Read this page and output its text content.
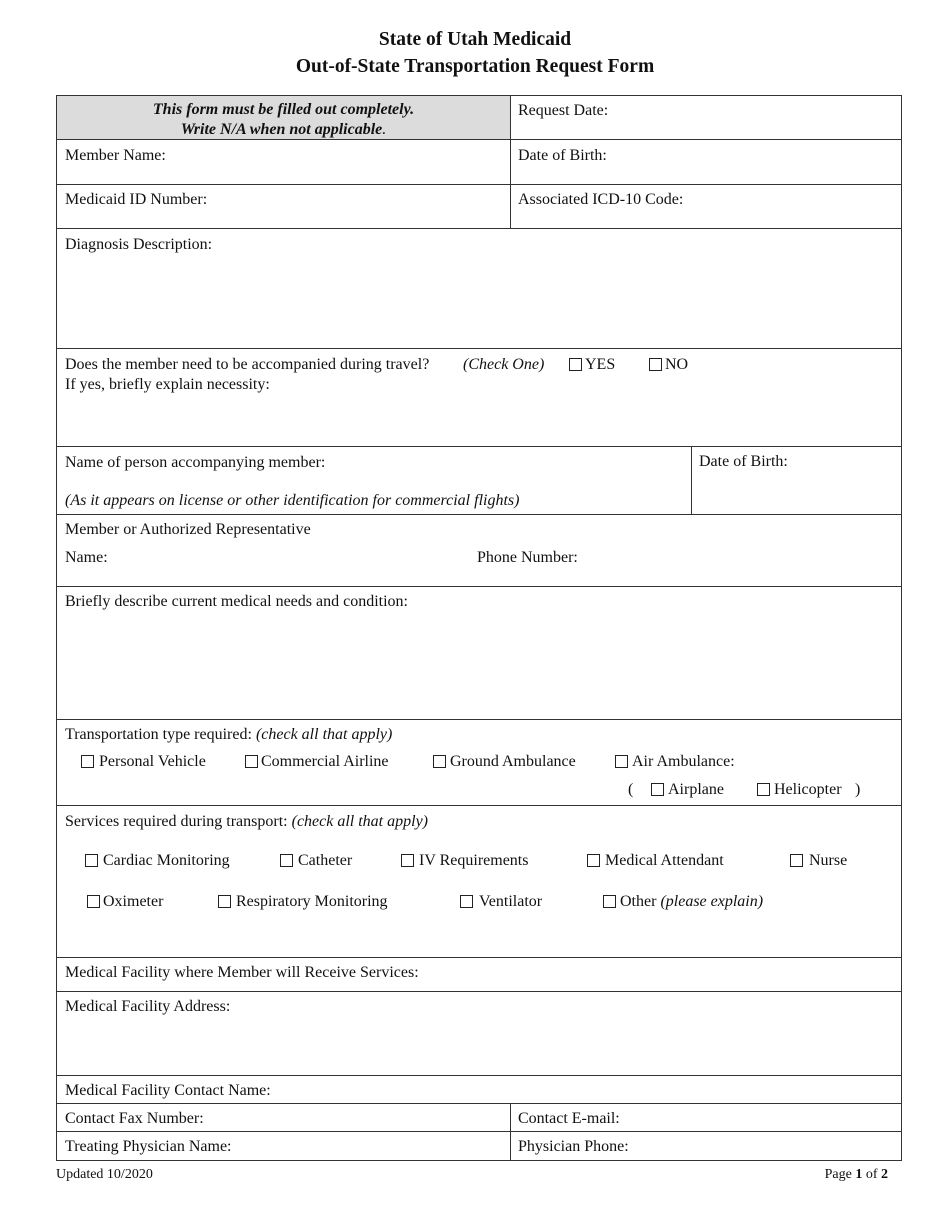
State of Utah Medicaid
Out-of-State Transportation Request Form
This form must be filled out completely.
Write N/A when not applicable.
Request Date:
Member Name:	Date of Birth:
Medicaid ID Number:	Associated ICD-10 Code:
Diagnosis Description:
Does the member need to be accompanied during travel? (Check One)	YES	NO
If yes, briefly explain necessity:
Name of person accompanying member:
(As it appears on license or other identification for commercial flights)
Date of Birth:
Member or Authorized Representative
Name:	Phone Number:
Briefly describe current medical needs and condition:
Transportation type required: (check all that apply)
Personal Vehicle	Commercial Airline	Ground Ambulance	Air Ambulance:
( Airplane	Helicopter )
Services required during transport: (check all that apply)
Cardiac Monitoring	Catheter	IV Requirements	Medical Attendant	Nurse
Oximeter	Respiratory Monitoring	Ventilator	Other (please explain)
Medical Facility where Member will Receive Services:
Medical Facility Address:
Medical Facility Contact Name:
Contact Fax Number:	Contact E-mail:
Treating Physician Name:	Physician Phone:
Updated 10/2020	Page 1 of 2
